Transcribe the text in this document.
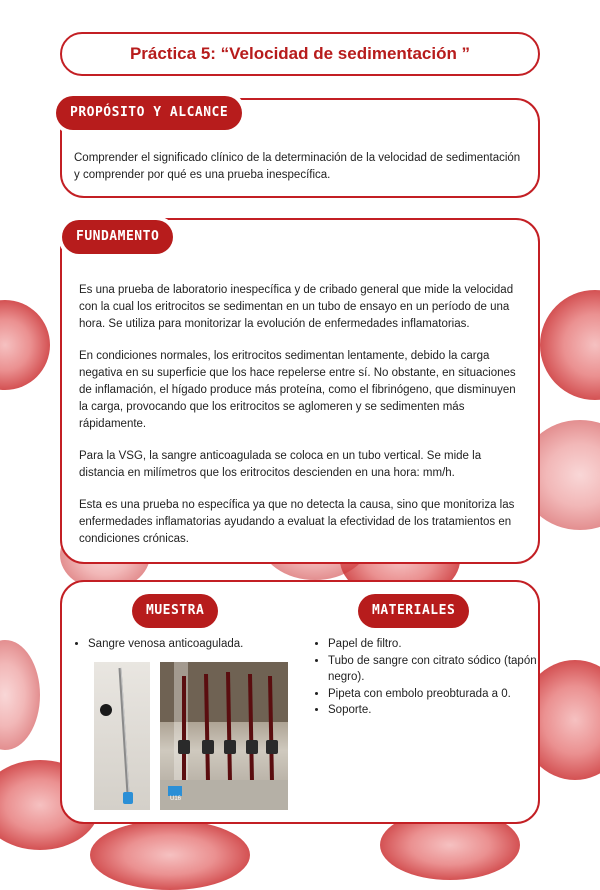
Práctica 5: “Velocidad de sedimentación ”

Comprender el significado clínico de la determinación de la velocidad de sedimentación y comprender por qué es una prueba inespecífica.

PROPÓSITO Y ALCANCE

Es una prueba de laboratorio inespecífica y de cribado general que mide la velocidad con la cual los eritrocitos se sedimentan en un tubo de ensayo en un período de una hora. Se utiliza para monitorizar la evolución de enfermedades inflamatorias.

En condiciones normales, los eritrocitos sedimentan lentamente, debido la carga negativa en su superficie que los hace repelerse entre sí. No obstante, en situaciones de inflamación, el hígado produce más proteína, como el fibrinógeno, que disminuyen la carga, provocando que los eritrocitos se aglomeren y se sedimenten más rápidamente.

Para la VSG, la sangre anticoagulada se coloca en un tubo vertical. Se mide la distancia en milímetros que los eritrocitos descienden en una hora: mm/h.

Esta es una prueba no específica ya que no detecta la causa, sino que monitoriza las enfermedades inflamatorias ayudando a evaluat la efectividad de los tratamientos en condiciones crónicas.

FUNDAMENTO
• Sangre venosa anticoagulada.
U16
• Papel de filtro.
• Tubo de sangre con citrato sódico (tapón negro).
• Pipeta con embolo preobturada a 0.
• Soporte.
MUESTRA	MATERIALES
